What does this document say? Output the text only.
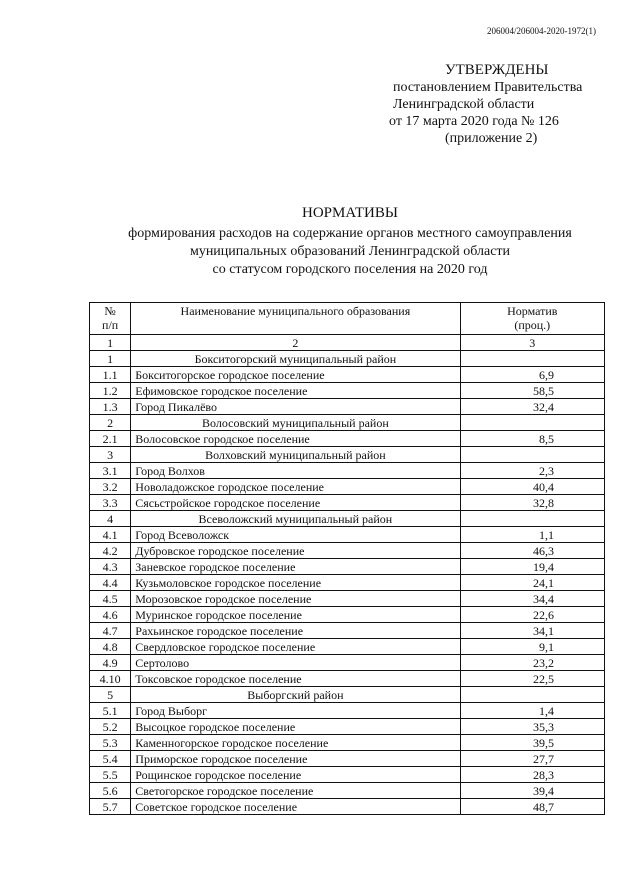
206004/206004-2020-1972(1)
УТВЕРЖДЕНЫ
постановлением Правительства
Ленинградской области
от 17 марта 2020 года № 126
(приложение 2)
НОРМАТИВЫ
формирования расходов на содержание органов местного самоуправления
муниципальных образований Ленинградской области
со статусом городского поселения на 2020 год
№
п/п	Наименование муниципального образования	Норматив
(проц.)
1	2	3
1	Бокситогорский муниципальный район	
1.1	Бокситогорское городское поселение	6,9
1.2	Ефимовское городское поселение	58,5
1.3	Город Пикалёво	32,4
2	Волосовский муниципальный район	
2.1	Волосовское городское поселение	8,5
3	Волховский муниципальный район	
3.1	Город Волхов	2,3
3.2	Новоладожское городское поселение	40,4
3.3	Сясьстройское городское поселение	32,8
4	Всеволожский муниципальный район	
4.1	Город Всеволожск	1,1
4.2	Дубровское городское поселение	46,3
4.3	Заневское городское поселение	19,4
4.4	Кузьмоловское городское поселение	24,1
4.5	Морозовское городское поселение	34,4
4.6	Муринское городское поселение	22,6
4.7	Рахьинское городское поселение	34,1
4.8	Свердловское городское поселение	9,1
4.9	Сертолово	23,2
4.10	Токсовское городское поселение	22,5
5	Выборгский район	
5.1	Город Выборг	1,4
5.2	Высоцкое городское поселение	35,3
5.3	Каменногорское городское поселение	39,5
5.4	Приморское городское поселение	27,7
5.5	Рощинское городское поселение	28,3
5.6	Светогорское городское поселение	39,4
5.7	Советское городское поселение	48,7
